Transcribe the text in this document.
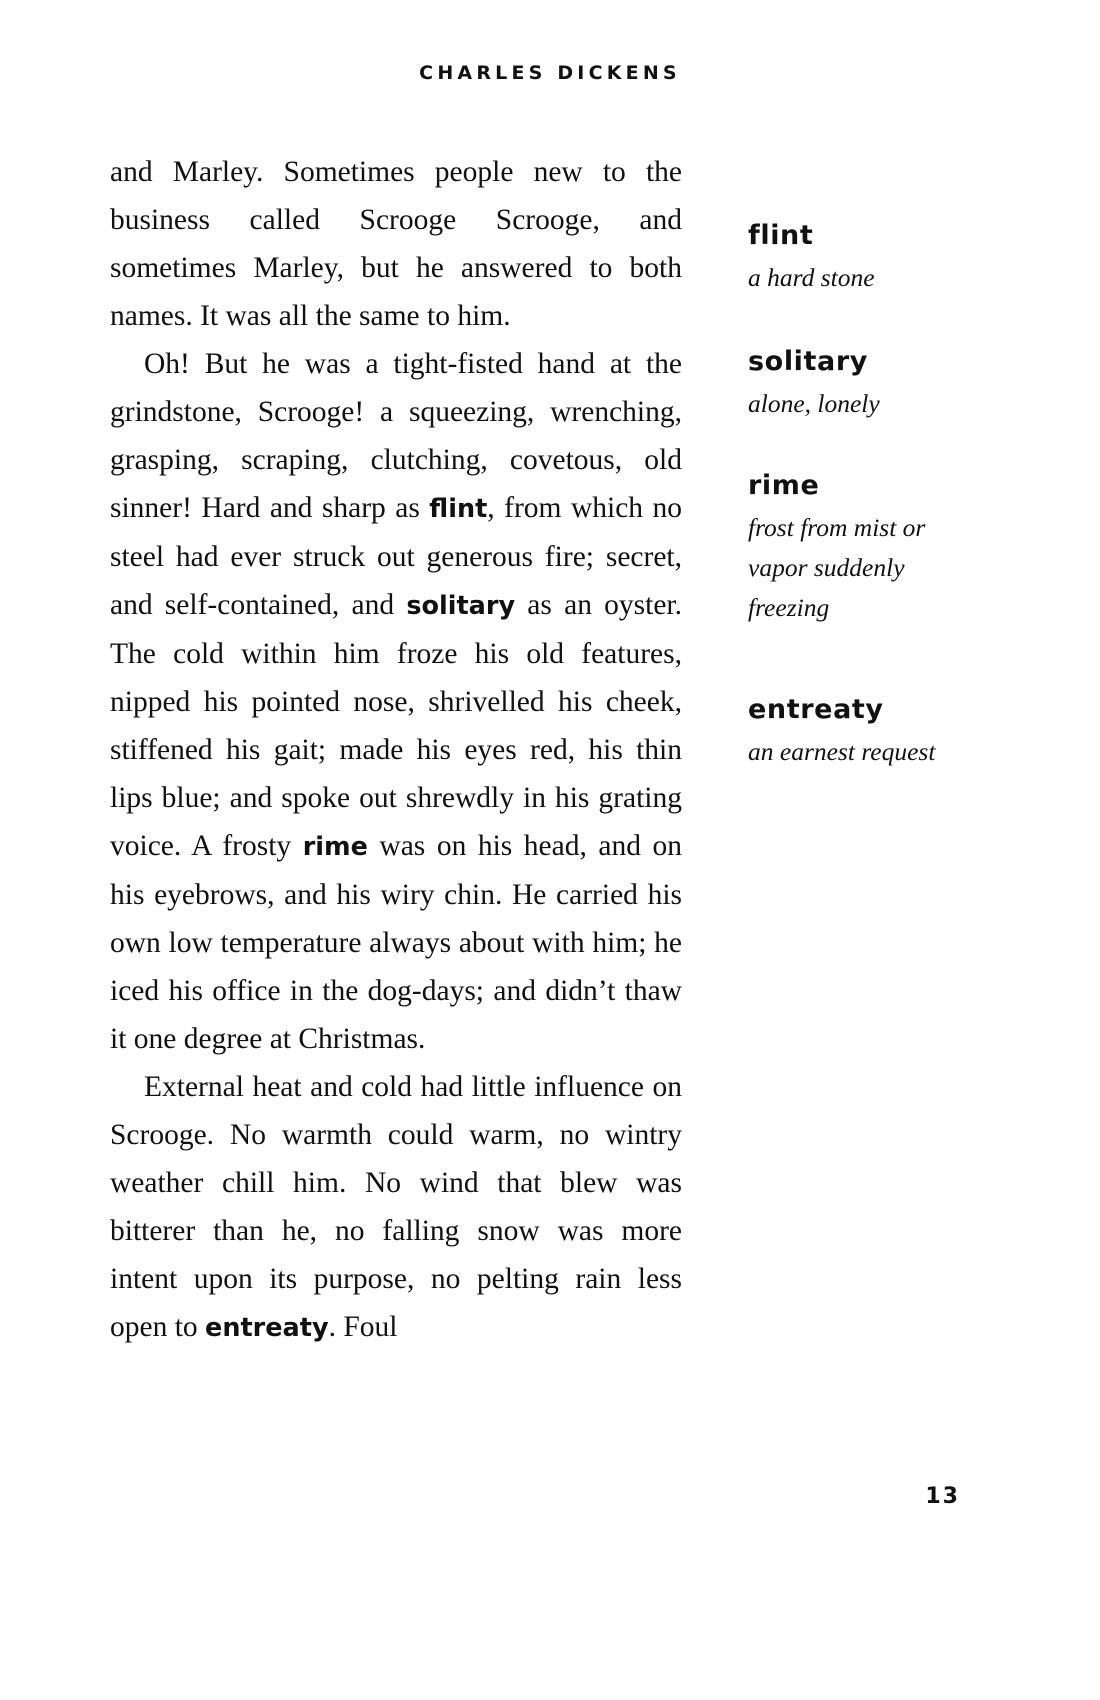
CHARLES DICKENS

and Marley. Sometimes people new to the business called Scrooge Scrooge, and sometimes Marley, but he answered to both names. It was all the same to him.

Oh! But he was a tight-fisted hand at the grindstone, Scrooge! a squeezing, wrenching, grasping, scraping, clutching, covetous, old sinner! Hard and sharp as flint, from which no steel had ever struck out generous fire; secret, and self-contained, and solitary as an oyster. The cold within him froze his old features, nipped his pointed nose, shrivelled his cheek, stiffened his gait; made his eyes red, his thin lips blue; and spoke out shrewdly in his grating voice. A frosty rime was on his head, and on his eyebrows, and his wiry chin. He carried his own low temperature always about with him; he iced his office in the dog-days; and didn’t thaw it one degree at Christmas.

External heat and cold had little influence on Scrooge. No warmth could warm, no wintry weather chill him. No wind that blew was bitterer than he, no falling snow was more intent upon its purpose, no pelting rain less open to entreaty. Foul

flint
a hard stone
solitary
alone, lonely
rime
frost from mist or vapor suddenly freezing
entreaty
an earnest request
13
